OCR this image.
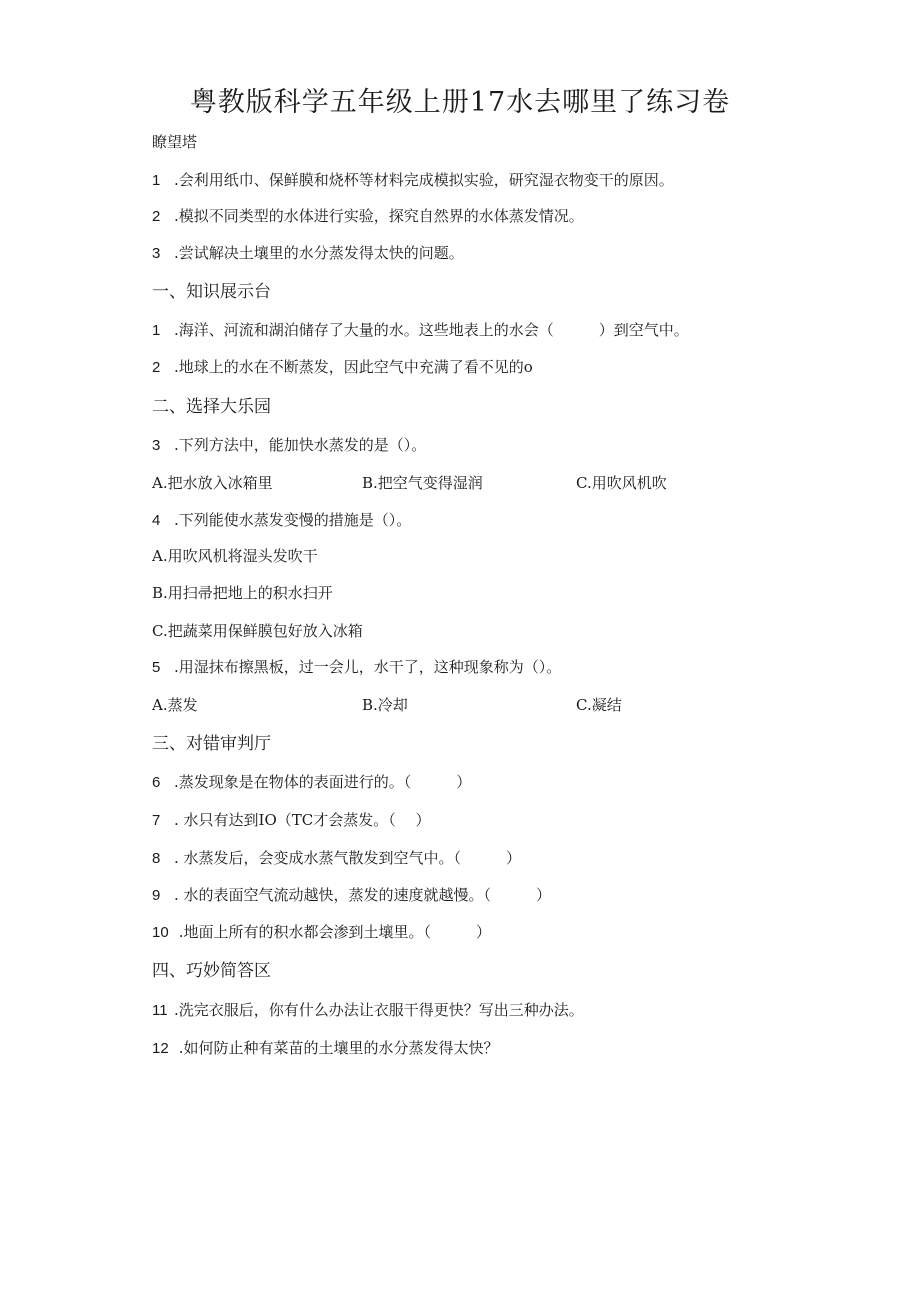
粤教版科学五年级上册17水去哪里了练习卷
瞭望塔
1 .会利用纸巾、保鲜膜和烧杯等材料完成模拟实验，研究湿衣物变干的原因。
2 .模拟不同类型的水体进行实验，探究自然界的水体蒸发情况。
3 .尝试解决土壤里的水分蒸发得太快的问题。
一、知识展示台
1 .海洋、河流和湖泊储存了大量的水。这些地表上的水会（　　　）到空气中。
2 .地球上的水在不断蒸发，因此空气中充满了看不见的o
二、选择大乐园
3 .下列方法中，能加快水蒸发的是（）。
A.把水放入冰箱里	B.把空气变得湿润	C.用吹风机吹
4 .下列能使水蒸发变慢的措施是（）。
A.用吹风机将湿头发吹干
B.用扫帚把地上的积水扫开
C.把蔬菜用保鲜膜包好放入冰箱
5 .用湿抹布擦黑板，过一会儿，水干了，这种现象称为（）。
A.蒸发	B.冷却	C.凝结
三、对错审判厅
6 .蒸发现象是在物体的表面进行的。（　　　）
7 . 水只有达到IO（TC才会蒸发。（　 ）
8 . 水蒸发后，会变成水蒸气散发到空气中。（　　　）
9 . 水的表面空气流动越快，蒸发的速度就越慢。（　　　）
10 .地面上所有的积水都会渗到土壤里。（　　　）
四、巧妙简答区
11 .洗完衣服后，你有什么办法让衣服干得更快？写出三种办法。
12 .如何防止种有菜苗的土壤里的水分蒸发得太快？
